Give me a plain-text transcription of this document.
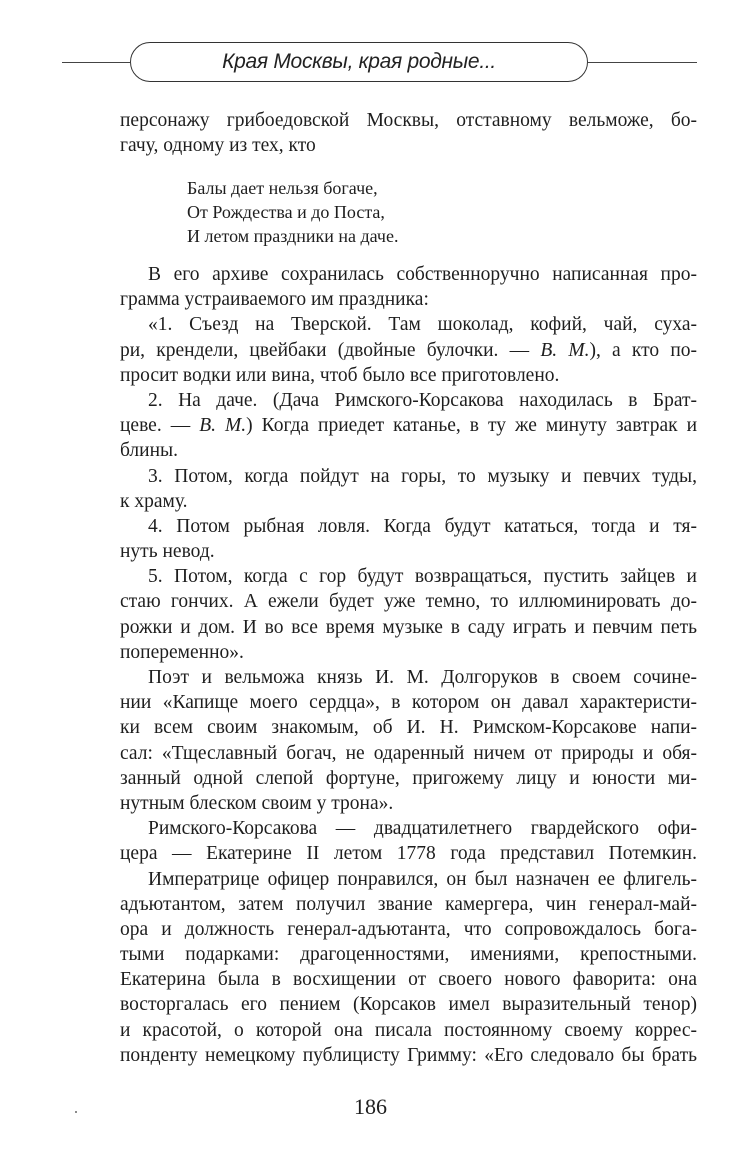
Края Москвы, края родные...
персонажу грибоедовской Москвы, отставному вельможе, бо-
гачу, одному из тех, кто
Балы дает нельзя богаче,
От Рождества и до Поста,
И летом праздники на даче.
В его архиве сохранилась собственноручно написанная про-
грамма устраиваемого им праздника:
«1. Съезд на Тверской. Там шоколад, кофий, чай, суха-
ри, крендели, цвейбаки (двойные булочки. — В. М.), а кто по-
просит водки или вина, чтоб было все приготовлено.
2. На даче. (Дача Римского-Корсакова находилась в Брат-
цеве. — В. М.) Когда приедет катанье, в ту же минуту завтрак и
блины.
3. Потом, когда пойдут на горы, то музыку и певчих туды,
к храму.
4. Потом рыбная ловля. Когда будут кататься, тогда и тя-
нуть невод.
5. Потом, когда с гор будут возвращаться, пустить зайцев и
стаю гончих. А ежели будет уже темно, то иллюминировать до-
рожки и дом. И во все время музыке в саду играть и певчим петь
попеременно».
Поэт и вельможа князь И. М. Долгоруков в своем сочине-
нии «Капище моего сердца», в котором он давал характеристи-
ки всем своим знакомым, об И. Н. Римском-Корсакове напи-
сал: «Тщеславный богач, не одаренный ничем от природы и обя-
занный одной слепой фортуне, пригожему лицу и юности ми-
нутным блеском своим у трона».
Римского-Корсакова — двадцатилетнего гвардейского офи-
цера — Екатерине II летом 1778 года представил Потемкин.
Императрице офицер понравился, он был назначен ее флигель-
адъютантом, затем получил звание камергера, чин генерал-май-
ора и должность генерал-адъютанта, что сопровождалось бога-
тыми подарками: драгоценностями, имениями, крепостными.
Екатерина была в восхищении от своего нового фаворита: она
восторгалась его пением (Корсаков имел выразительный тенор)
и красотой, о которой она писала постоянному своему коррес-
понденту немецкому публицисту Гримму: «Его следовало бы брать
186
